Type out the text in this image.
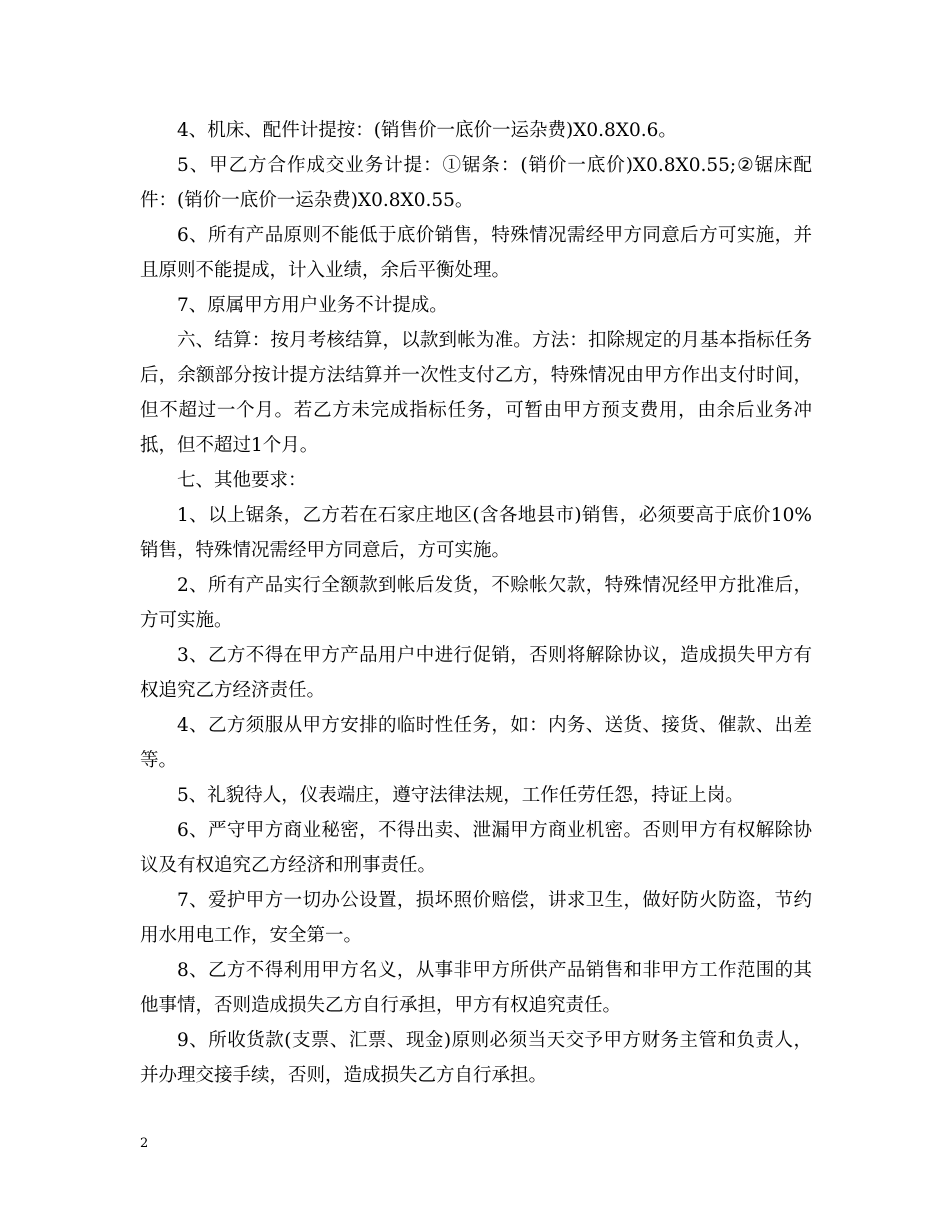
4、机床、配件计提按：(销售价一底价一运杂费)X0.8X0.6。

5、甲乙方合作成交业务计提：①锯条：(销价一底价)X0.8X0.55;②锯床配件：(销价一底价一运杂费)X0.8X0.55。

6、所有产品原则不能低于底价销售，特殊情况需经甲方同意后方可实施，并且原则不能提成，计入业绩，余后平衡处理。

7、原属甲方用户业务不计提成。

六、结算：按月考核结算，以款到帐为准。方法：扣除规定的月基本指标任务后，余额部分按计提方法结算并一次性支付乙方，特殊情况由甲方作出支付时间，但不超过一个月。若乙方未完成指标任务，可暂由甲方预支费用，由余后业务冲抵，但不超过1个月。

七、其他要求：

1、以上锯条，乙方若在石家庄地区(含各地县市)销售，必须要高于底价10%销售，特殊情况需经甲方同意后，方可实施。

2、所有产品实行全额款到帐后发货，不赊帐欠款，特殊情况经甲方批准后，方可实施。

3、乙方不得在甲方产品用户中进行促销，否则将解除协议，造成损失甲方有权追究乙方经济责任。

4、乙方须服从甲方安排的临时性任务，如：内务、送货、接货、催款、出差等。

5、礼貌待人，仪表端庄，遵守法律法规，工作任劳任怨，持证上岗。

6、严守甲方商业秘密，不得出卖、泄漏甲方商业机密。否则甲方有权解除协议及有权追究乙方经济和刑事责任。

7、爱护甲方一切办公设置，损坏照价赔偿，讲求卫生，做好防火防盗，节约用水用电工作，安全第一。

8、乙方不得利用甲方名义，从事非甲方所供产品销售和非甲方工作范围的其他事情，否则造成损失乙方自行承担，甲方有权追究责任。

9、所收货款(支票、汇票、现金)原则必须当天交予甲方财务主管和负责人，并办理交接手续，否则，造成损失乙方自行承担。

2
